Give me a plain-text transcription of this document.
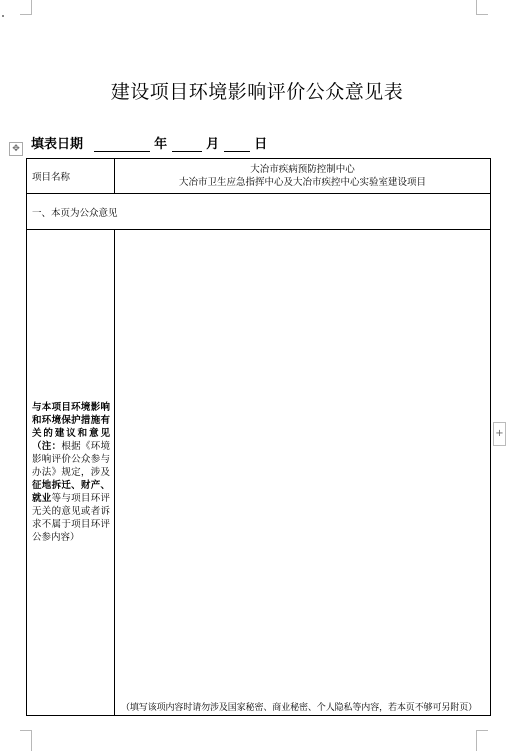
建设项目环境影响评价公众意见表
填表日期	年	月	日
✥
+
项目名称	大冶市疾病预防控制中心
大冶市卫生应急指挥中心及大冶市疾控中心实验室建设项目

一、本页为公众意见	
与本项目环境影响和环境保护措施有关的建议和意见（注：根据《环境影响评价公众参与办法》规定，涉及征地拆迁、财产、就业等与项目环评无关的意见或者诉求不属于项目环评公参内容）	（填写该项内容时请勿涉及国家秘密、商业秘密、个人隐私等内容，若本页不够可另附页）
